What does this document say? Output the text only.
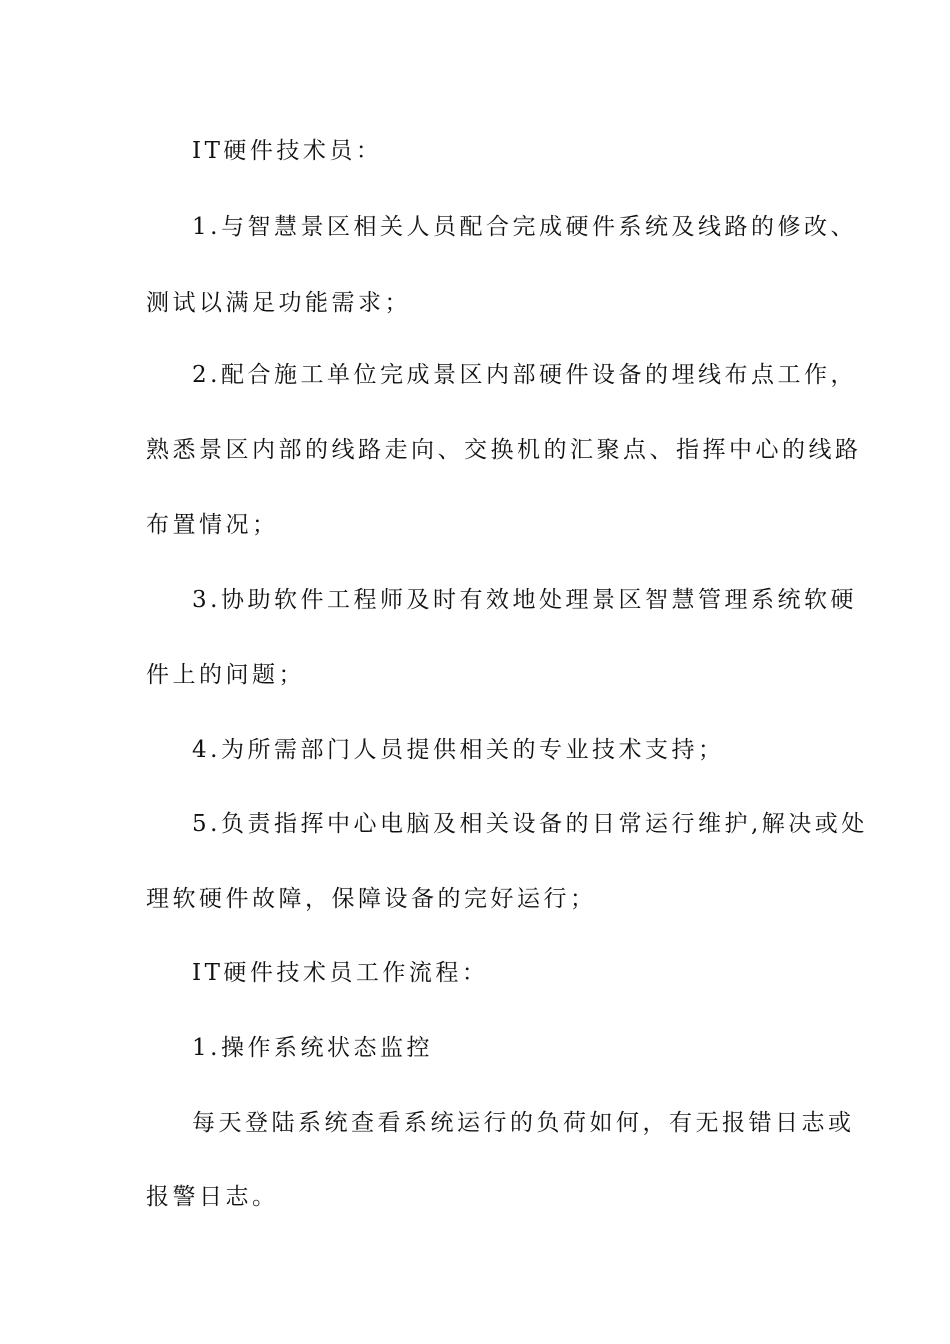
IT硬件技术员：
1.与智慧景区相关人员配合完成硬件系统及线路的修改、
测试以满足功能需求；
2.配合施工单位完成景区内部硬件设备的埋线布点工作，
熟悉景区内部的线路走向、交换机的汇聚点、指挥中心的线路
布置情况；
3.协助软件工程师及时有效地处理景区智慧管理系统软硬
件上的问题；
4.为所需部门人员提供相关的专业技术支持；
5.负责指挥中心电脑及相关设备的日常运行维护,解决或处
理软硬件故障，保障设备的完好运行；
IT硬件技术员工作流程：
1.操作系统状态监控
每天登陆系统查看系统运行的负荷如何，有无报错日志或
报警日志。
